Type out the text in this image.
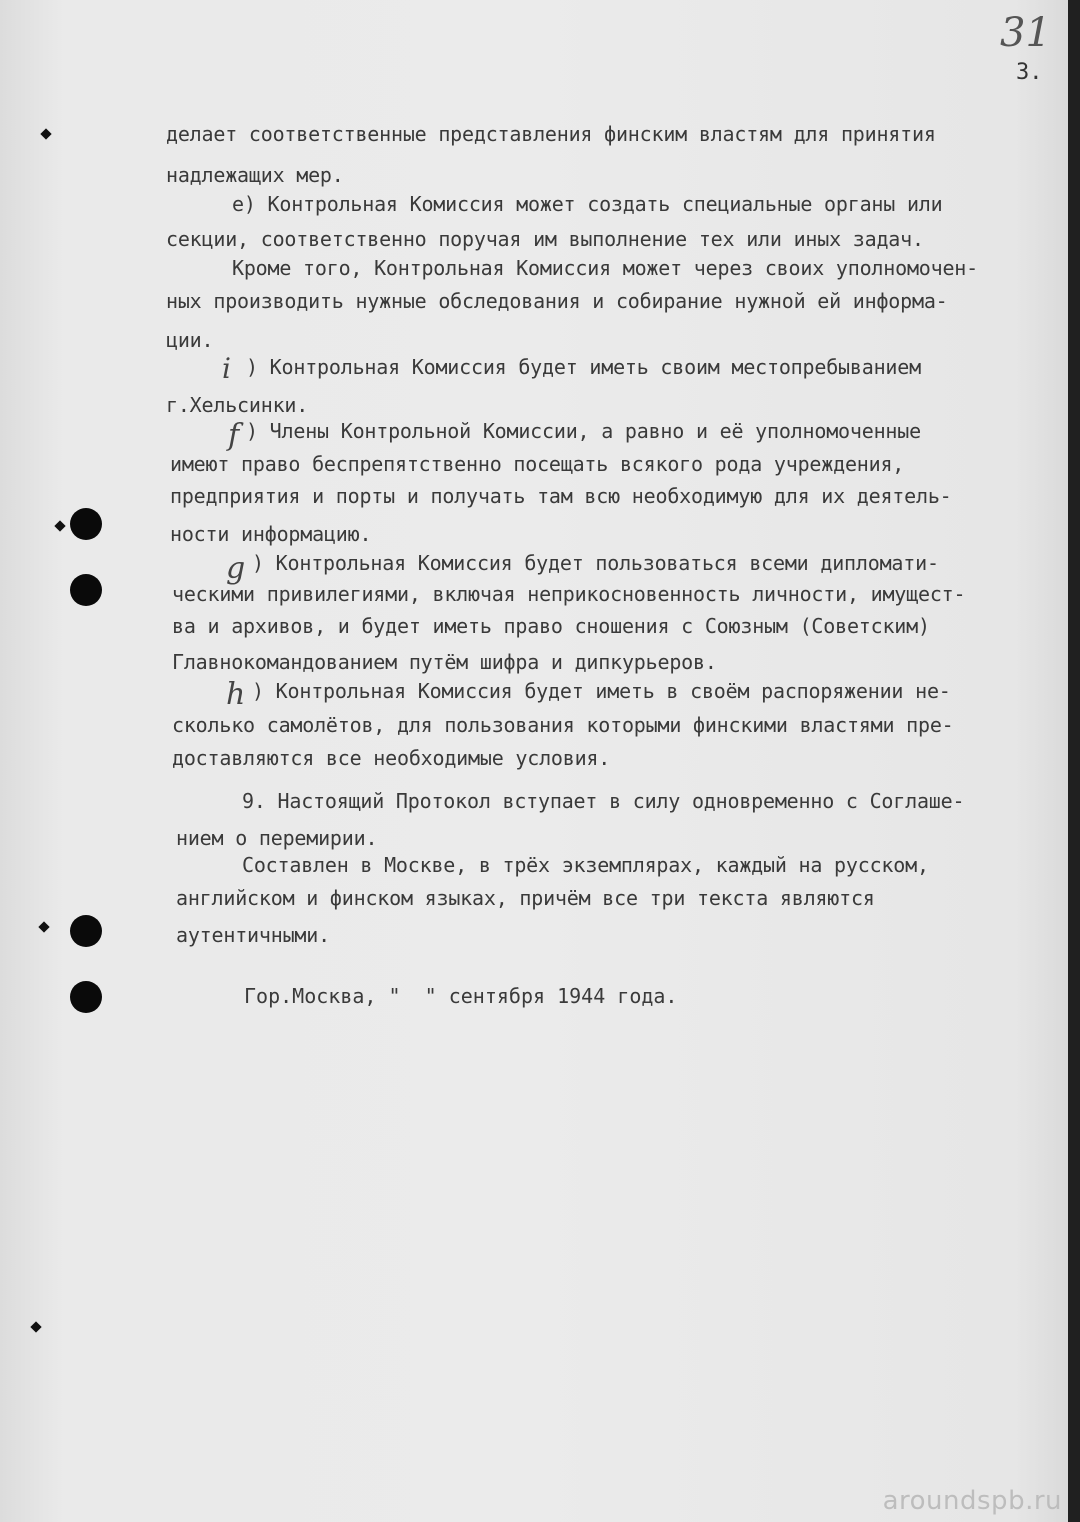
31
3.

делает соответственные представления финским властям для принятия

надлежащих мер.

е) Контрольная Комиссия может создать специальные органы или

секции, соответственно поручая им выполнение тех или иных задач.

Кроме того, Контрольная Комиссия может через своих уполномочен-

ных производить нужные обследования и собирание нужной ей информа-

ции.

i

) Контрольная Комиссия будет иметь своим местопребыванием

г.Хельсинки.

f

) Члены Контрольной Комиссии, а равно и её уполномоченные

имеют право беспрепятственно посещать всякого рода учреждения,

предприятия и порты и получать там всю необходимую для их деятель-

ности информацию.

g

) Контрольная Комиссия будет пользоваться всеми дипломати-

ческими привилегиями, включая неприкосновенность личности, имущест-

ва и архивов, и будет иметь право сношения с Союзным (Советским)

Главнокомандованием путём шифра и дипкурьеров.

h

) Контрольная Комиссия будет иметь в своём распоряжении не-

сколько самолётов, для пользования которыми финскими властями пре-

доставляются все необходимые условия.

9. Настоящий Протокол вступает в силу одновременно с Соглаше-

нием о перемирии.

Составлен в Москве, в трёх экземплярах, каждый на русском,

английском и финском языках, причём все три текста являются

аутентичными.

Гор.Москва, "  " сентября 1944 года.
aroundspb.ru
